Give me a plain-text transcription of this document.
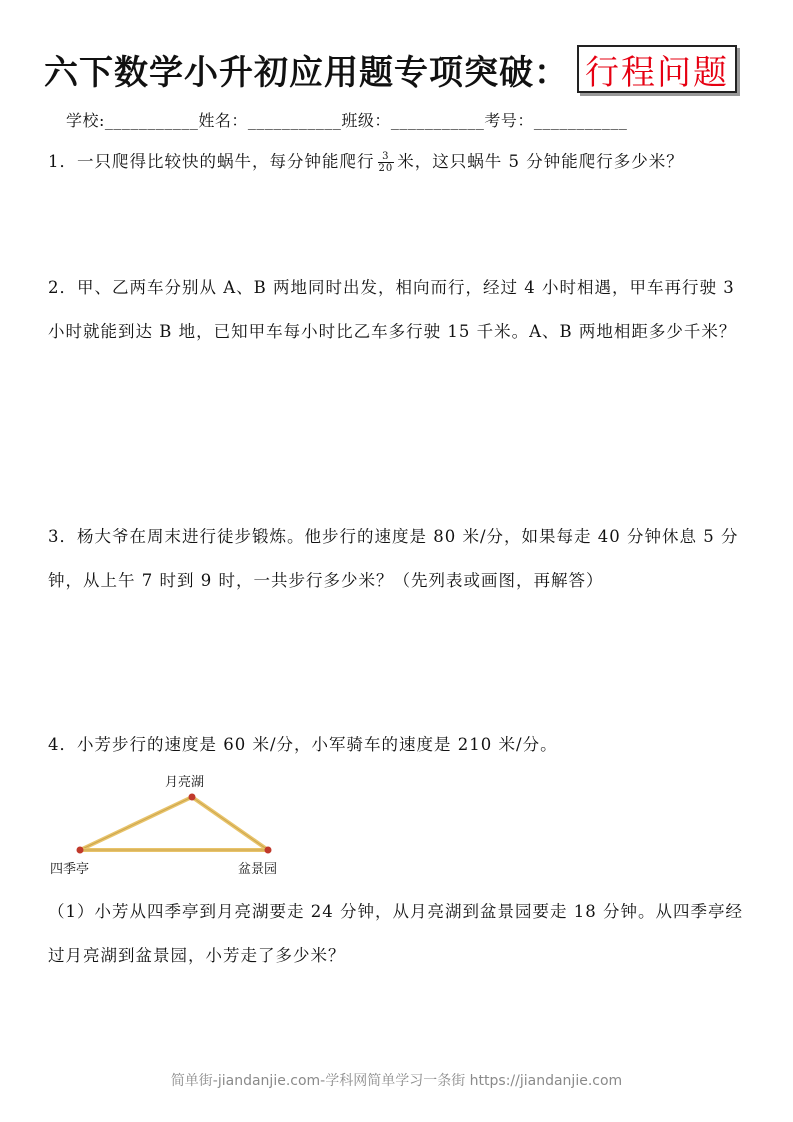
六下数学小升初应用题专项突破： 行程问题
学校:___________姓名：___________班级：___________考号：___________
1．一只爬得比较快的蜗牛，每分钟能爬行 $\frac{3}{20}$ 米，这只蜗牛 5 分钟能爬行多少米？
2．甲、乙两车分别从 A、B 两地同时出发，相向而行，经过 4 小时相遇，甲车再行驶 3 小时就能到达 B 地，已知甲车每小时比乙车多行驶 15 千米。A、B 两地相距多少千米？
3．杨大爷在周末进行徒步锻炼。他步行的速度是 80 米/分，如果每走 40 分钟休息 5 分钟，从上午 7 时到 9 时，一共步行多少米？（先列表或画图，再解答）
4．小芳步行的速度是 60 米/分，小军骑车的速度是 210 米/分。
月亮湖
四季亭	盆景园
（1）小芳从四季亭到月亮湖要走 24 分钟，从月亮湖到盆景园要走 18 分钟。从四季亭经过月亮湖到盆景园，小芳走了多少米？
简单街-jiandanjie.com-学科网简单学习一条街 https://jiandanjie.com
